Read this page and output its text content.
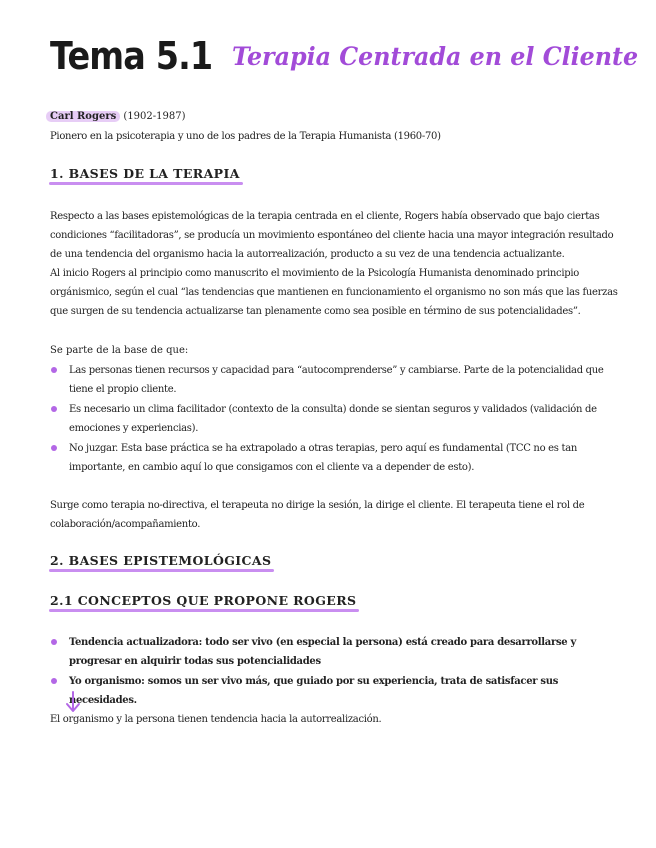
Tema 5.1 Terapia Centrada en el Cliente
Carl Rogers (1902-1987)
Pionero en la psicoterapia y uno de los padres de la Terapia Humanista (1960-70)
1. BASES DE LA TERAPIA
Respecto a las bases epistemológicas de la terapia centrada en el cliente, Rogers había observado que bajo ciertas condiciones “facilitadoras”, se producía un movimiento espontáneo del cliente hacia una mayor integración resultado de una tendencia del organismo hacia la autorrealización, producto a su vez de una tendencia actualizante.
Al inicio Rogers al principio como manuscrito el movimiento de la Psicología Humanista denominado principio orgánismico, según el cual “las tendencias que mantienen en funcionamiento el organismo no son más que las fuerzas que surgen de su tendencia actualizarse tan plenamente como sea posible en término de sus potencialidades”.
Se parte de la base de que:
Las personas tienen recursos y capacidad para “autocomprenderse” y cambiarse. Parte de la potencialidad que tiene el propio cliente.
Es necesario un clima facilitador (contexto de la consulta) donde se sientan seguros y validados (validación de emociones y experiencias).
No juzgar. Esta base práctica se ha extrapolado a otras terapias, pero aquí es fundamental (TCC no es tan importante, en cambio aquí lo que consigamos con el cliente va a depender de esto).
Surge como terapia no-directiva, el terapeuta no dirige la sesión, la dirige el cliente. El terapeuta tiene el rol de colaboración/acompañamiento.
2. BASES EPISTEMOLÓGICAS
2.1 CONCEPTOS QUE PROPONE ROGERS
Tendencia actualizadora: todo ser vivo (en especial la persona) está creado para desarrollarse y progresar en alquirir todas sus potencialidades
Yo organismo: somos un ser vivo más, que guiado por su experiencia, trata de satisfacer sus necesidades.
El organismo y la persona tienen tendencia hacia la autorrealización.
